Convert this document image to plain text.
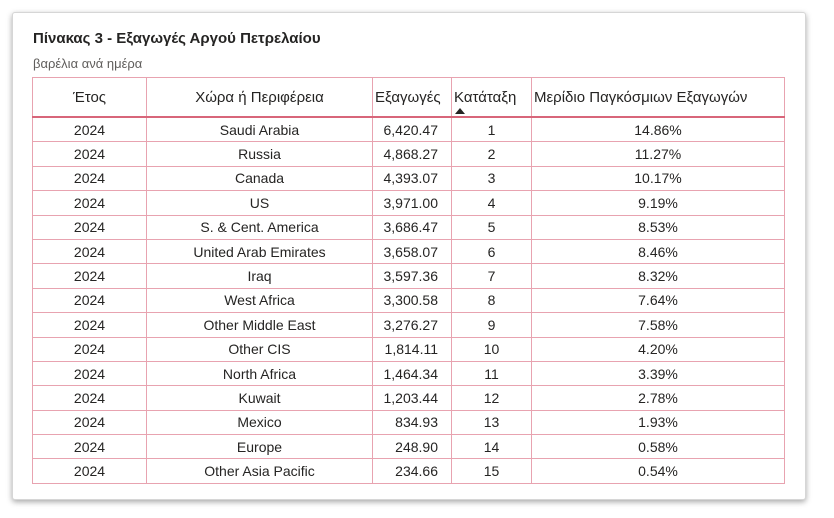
Πίνακας 3 - Εξαγωγές Αργού Πετρελαίου
βαρέλια ανά ημέρα
Έτος	Χώρα ή Περιφέρεια	Εξαγωγές	Κατάταξη	Μερίδιο Παγκόσμιων Εξαγωγών
2024	Saudi Arabia	6,420.47	1	14.86%
2024	Russia	4,868.27	2	11.27%
2024	Canada	4,393.07	3	10.17%
2024	US	3,971.00	4	9.19%
2024	S. & Cent. America	3,686.47	5	8.53%
2024	United Arab Emirates	3,658.07	6	8.46%
2024	Iraq	3,597.36	7	8.32%
2024	West Africa	3,300.58	8	7.64%
2024	Other Middle East	3,276.27	9	7.58%
2024	Other CIS	1,814.11	10	4.20%
2024	North Africa	1,464.34	11	3.39%
2024	Kuwait	1,203.44	12	2.78%
2024	Mexico	834.93	13	1.93%
2024	Europe	248.90	14	0.58%
2024	Other Asia Pacific	234.66	15	0.54%
